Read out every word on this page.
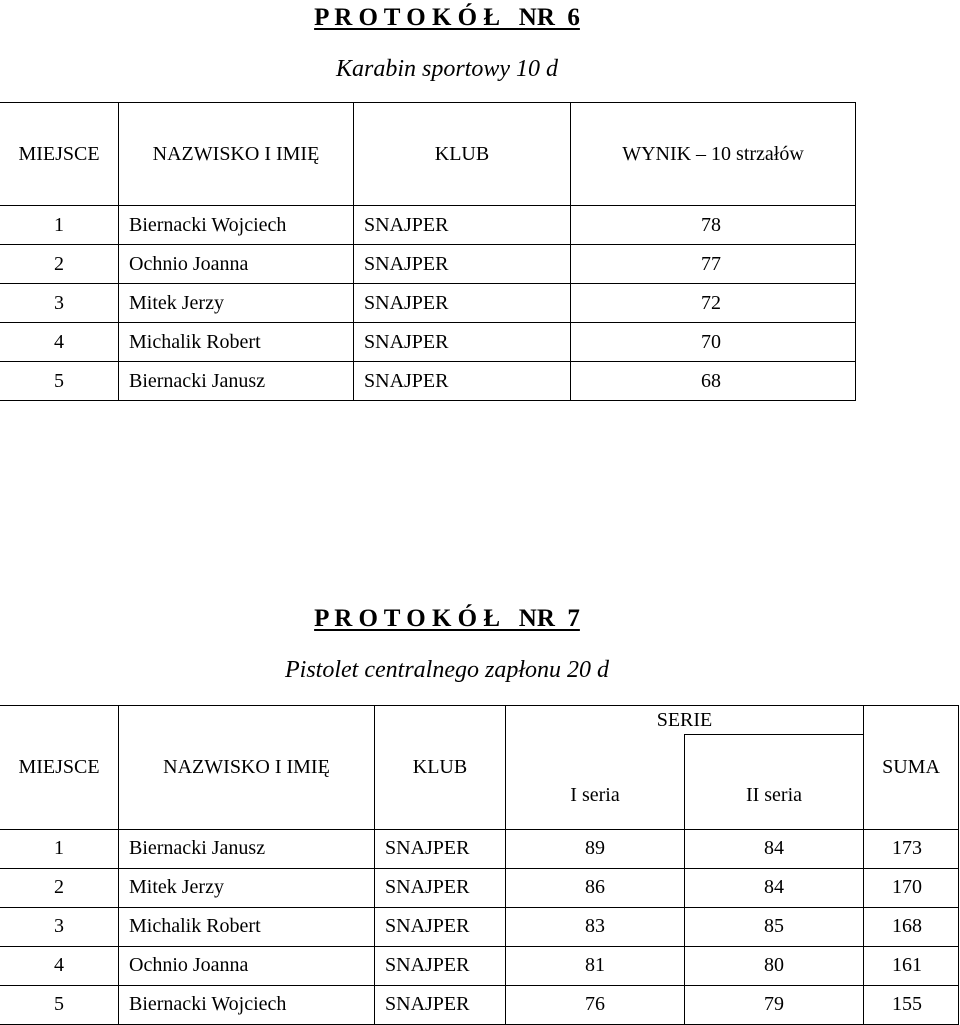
P R O T O K Ó Ł   NR  6
Karabin sportowy 10 d
MIEJSCE	NAZWISKO I IMIĘ	KLUB	WYNIK – 10 strzałów
1	Biernacki Wojciech	SNAJPER	78
2	Ochnio Joanna	SNAJPER	77
3	Mitek Jerzy	SNAJPER	72
4	Michalik Robert	SNAJPER	70
5	Biernacki Janusz	SNAJPER	68
P R O T O K Ó Ł   NR  7
Pistolet centralnego zapłonu 20 d
MIEJSCE	NAZWISKO I IMIĘ	KLUB	SERIE		SUMA
			I seria	II seria	
1	Biernacki Janusz	SNAJPER	89	84	173
2	Mitek Jerzy	SNAJPER	86	84	170
3	Michalik Robert	SNAJPER	83	85	168
4	Ochnio Joanna	SNAJPER	81	80	161
5	Biernacki Wojciech	SNAJPER	76	79	155
